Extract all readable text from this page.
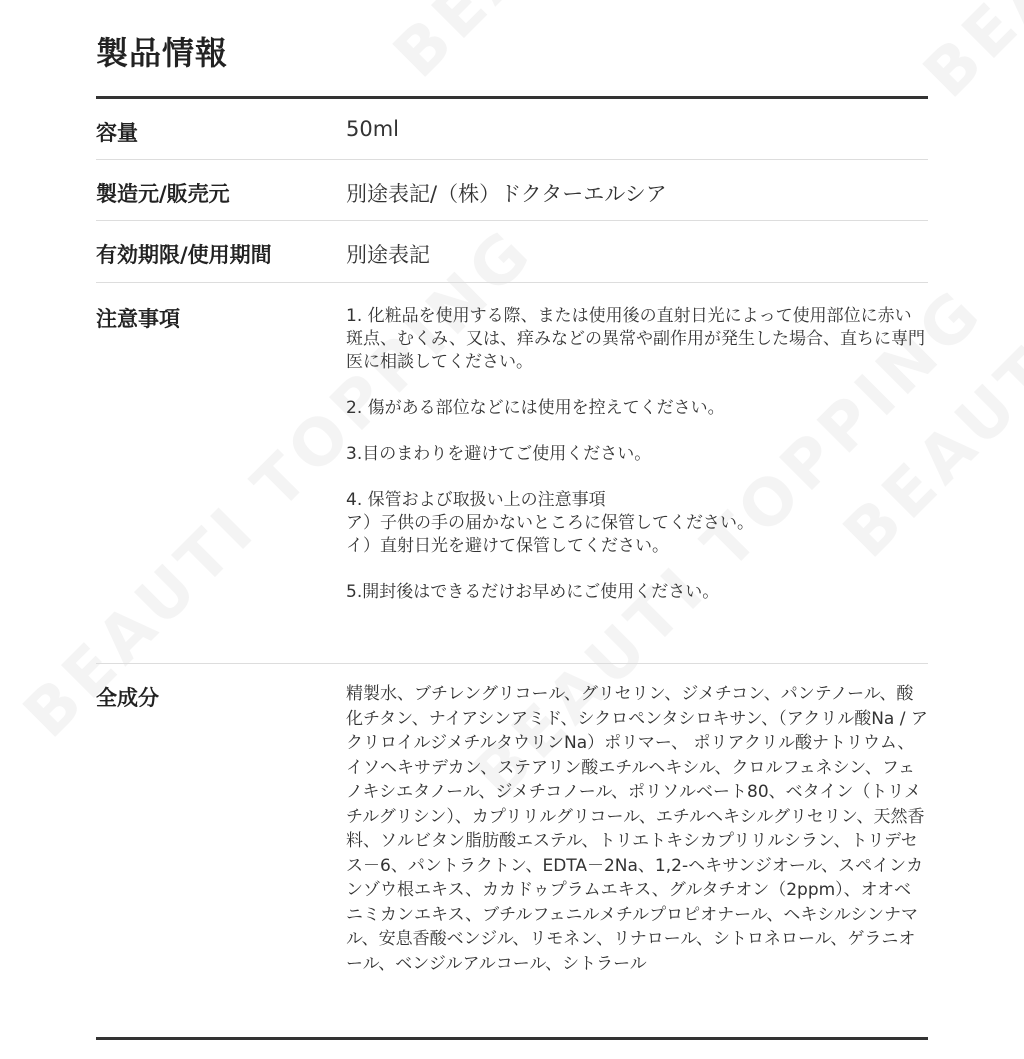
製品情報
容量	50ml
製造元/販売元	別途表記/（株）ドクターエルシア
有効期限/使用期間	別途表記
注意事項	1. 化粧品を使用する際、または使用後の直射日光によって使用部位に赤い斑点、むくみ、又は、痒みなどの異常や副作用が発生した場合、直ちに専門医に相談してください。

2. 傷がある部位などには使用を控えてください。

3.目のまわりを避けてご使用ください。

4. 保管および取扱い上の注意事項

ア）子供の手の届かないところに保管してください。

イ）直射日光を避けて保管してください。

5.開封後はできるだけお早めにご使用ください。

全成分	精製水、ブチレングリコール、グリセリン、ジメチコン、パンテノール、酸化チタン、ナイアシンアミド、シクロペンタシロキサン、（アクリル酸Na / アクリロイルジメチルタウリンNa）ポリマー、 ポリアクリル酸ナトリウム、イソヘキサデカン、ステアリン酸エチルヘキシル、クロルフェネシン、フェノキシエタノール、ジメチコノール、ポリソルベート80、ベタイン（トリメチルグリシン）、カプリリルグリコール、エチルヘキシルグリセリン、天然香料、ソルビタン脂肪酸エステル、トリエトキシカプリリルシラン、トリデセス－6、パントラクトン、EDTA－2Na、1,2-ヘキサンジオール、スペインカンゾウ根エキス、カカドゥプラムエキス、グルタチオン（2ppm）、オオベニミカンエキス、ブチルフェニルメチルプロピオナール、ヘキシルシンナマル、安息香酸ベンジル、リモネン、リナロール、シトロネロール、ゲラニオール、ベンジルアルコール、シトラール
